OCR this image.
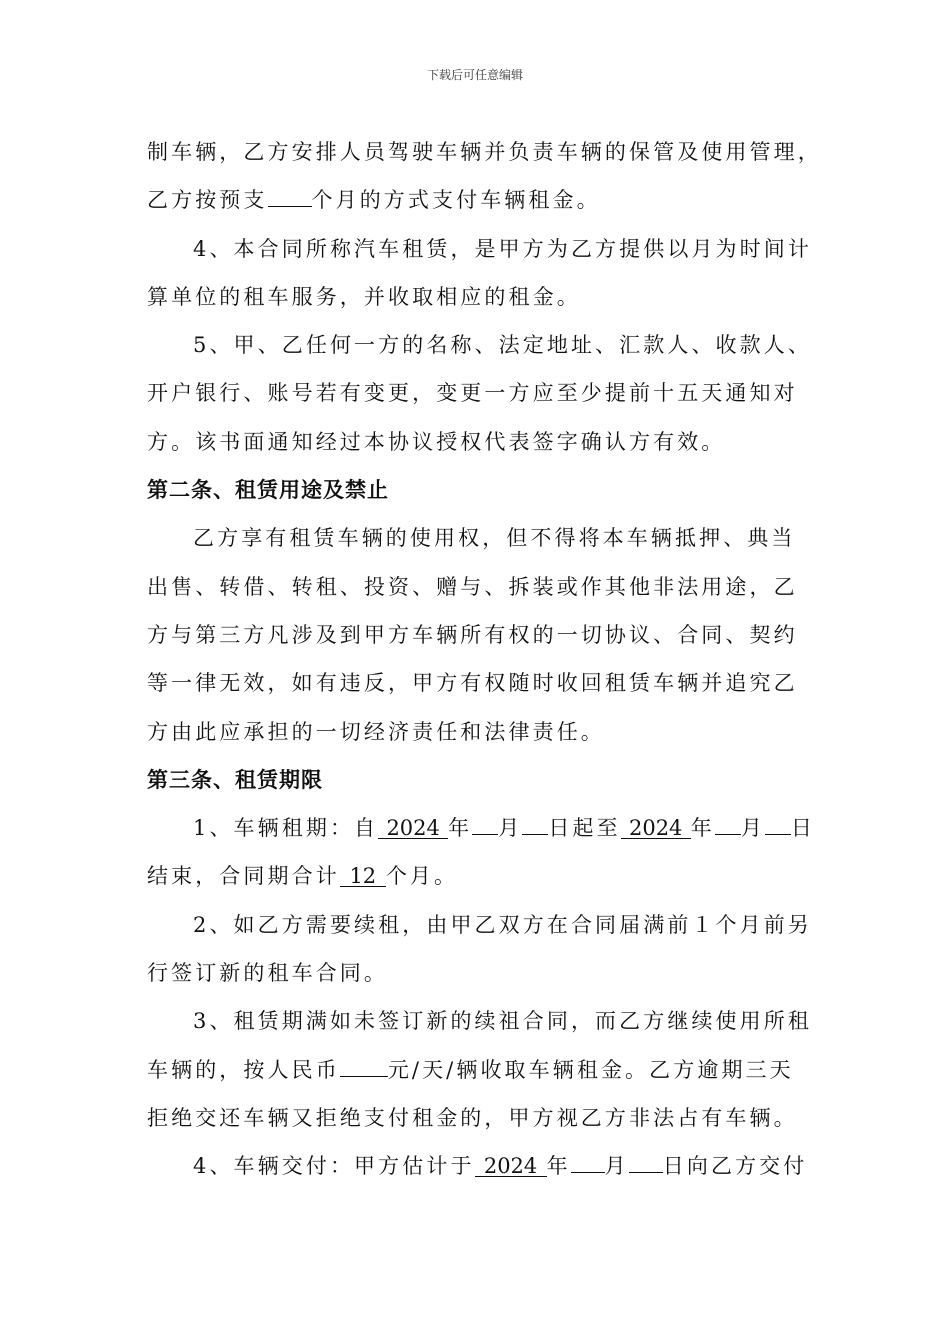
下载后可任意编辑
制车辆，乙方安排人员驾驶车辆并负责车辆的保管及使用管理，
乙方按预支 个月的方式支付车辆租金。
4、本合同所称汽车租赁，是甲方为乙方提供以月为时间计
算单位的租车服务，并收取相应的租金。
5、甲、乙任何一方的名称、法定地址、汇款人、收款人、
开户银行、账号若有变更，变更一方应至少提前十五天通知对
方。该书面通知经过本协议授权代表签字确认方有效。
第二条、租赁用途及禁止
乙方享有租赁车辆的使用权，但不得将本车辆抵押、典当
出售、转借、转租、投资、赠与、拆装或作其他非法用途，乙
方与第三方凡涉及到甲方车辆所有权的一切协议、合同、契约
等一律无效，如有违反，甲方有权随时收回租赁车辆并追究乙
方由此应承担的一切经济责任和法律责任。
第三条、租赁期限
1、车辆租期：自 2024 年 月 日起至 2024 年 月 日
结束，合同期合计 12 个月。
2、如乙方需要续租，由甲乙双方在合同届满前１个月前另
行签订新的租车合同。
3、租赁期满如未签订新的续祖合同，而乙方继续使用所租
车辆的，按人民币 元/天/辆收取车辆租金。乙方逾期三天
拒绝交还车辆又拒绝支付租金的，甲方视乙方非法占有车辆。
4、车辆交付：甲方估计于 2024 年 月 日向乙方交付
